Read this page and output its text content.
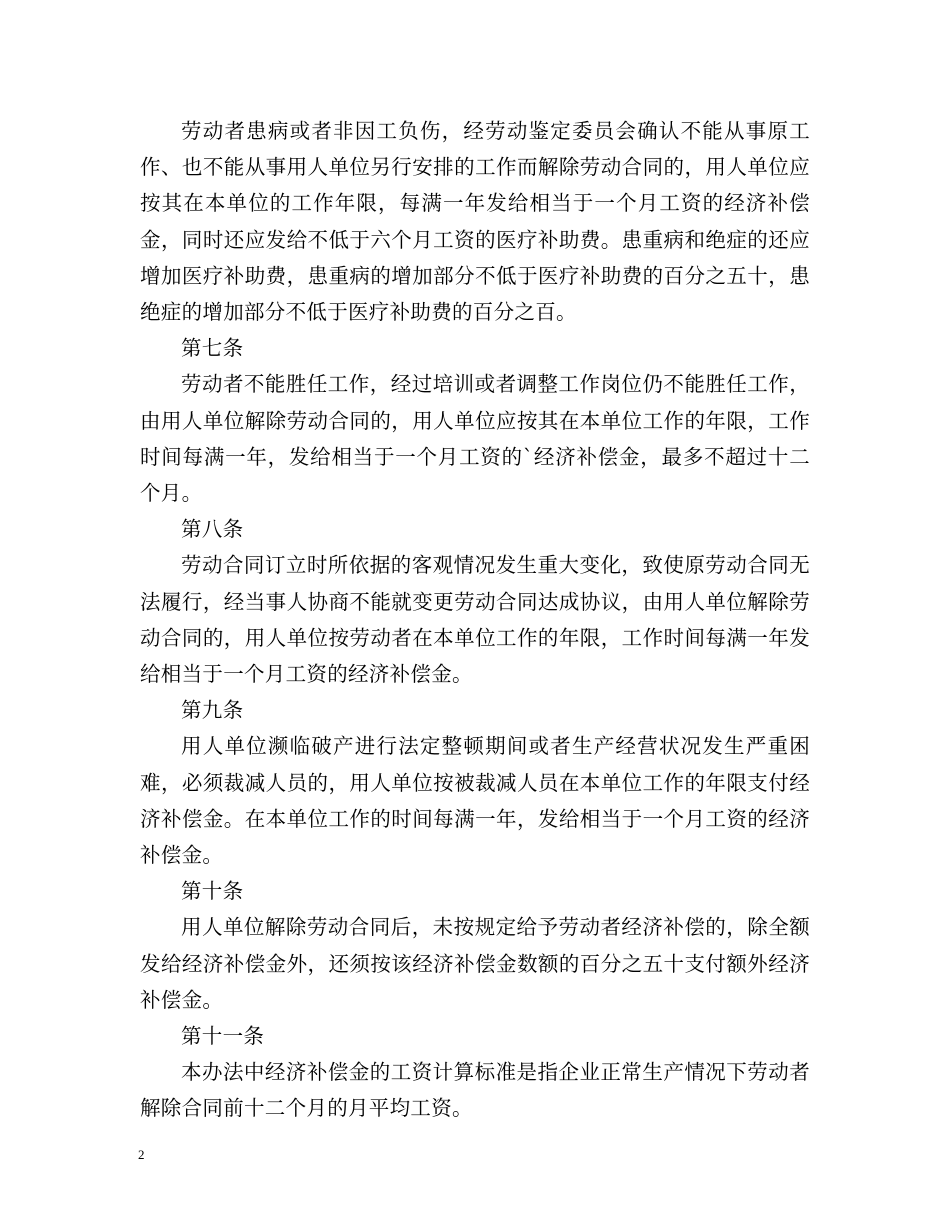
劳动者患病或者非因工负伤，经劳动鉴定委员会确认不能从事原工作、也不能从事用人单位另行安排的工作而解除劳动合同的，用人单位应按其在本单位的工作年限，每满一年发给相当于一个月工资的经济补偿金，同时还应发给不低于六个月工资的医疗补助费。患重病和绝症的还应增加医疗补助费，患重病的增加部分不低于医疗补助费的百分之五十，患绝症的增加部分不低于医疗补助费的百分之百。

第七条

劳动者不能胜任工作，经过培训或者调整工作岗位仍不能胜任工作，由用人单位解除劳动合同的，用人单位应按其在本单位工作的年限，工作时间每满一年，发给相当于一个月工资的`经济补偿金，最多不超过十二个月。

第八条

劳动合同订立时所依据的客观情况发生重大变化，致使原劳动合同无法履行，经当事人协商不能就变更劳动合同达成协议，由用人单位解除劳动合同的，用人单位按劳动者在本单位工作的年限，工作时间每满一年发给相当于一个月工资的经济补偿金。

第九条

用人单位濒临破产进行法定整顿期间或者生产经营状况发生严重困难，必须裁减人员的，用人单位按被裁减人员在本单位工作的年限支付经济补偿金。在本单位工作的时间每满一年，发给相当于一个月工资的经济补偿金。

第十条

用人单位解除劳动合同后，未按规定给予劳动者经济补偿的，除全额发给经济补偿金外，还须按该经济补偿金数额的百分之五十支付额外经济补偿金。

第十一条

本办法中经济补偿金的工资计算标准是指企业正常生产情况下劳动者解除合同前十二个月的月平均工资。

2
